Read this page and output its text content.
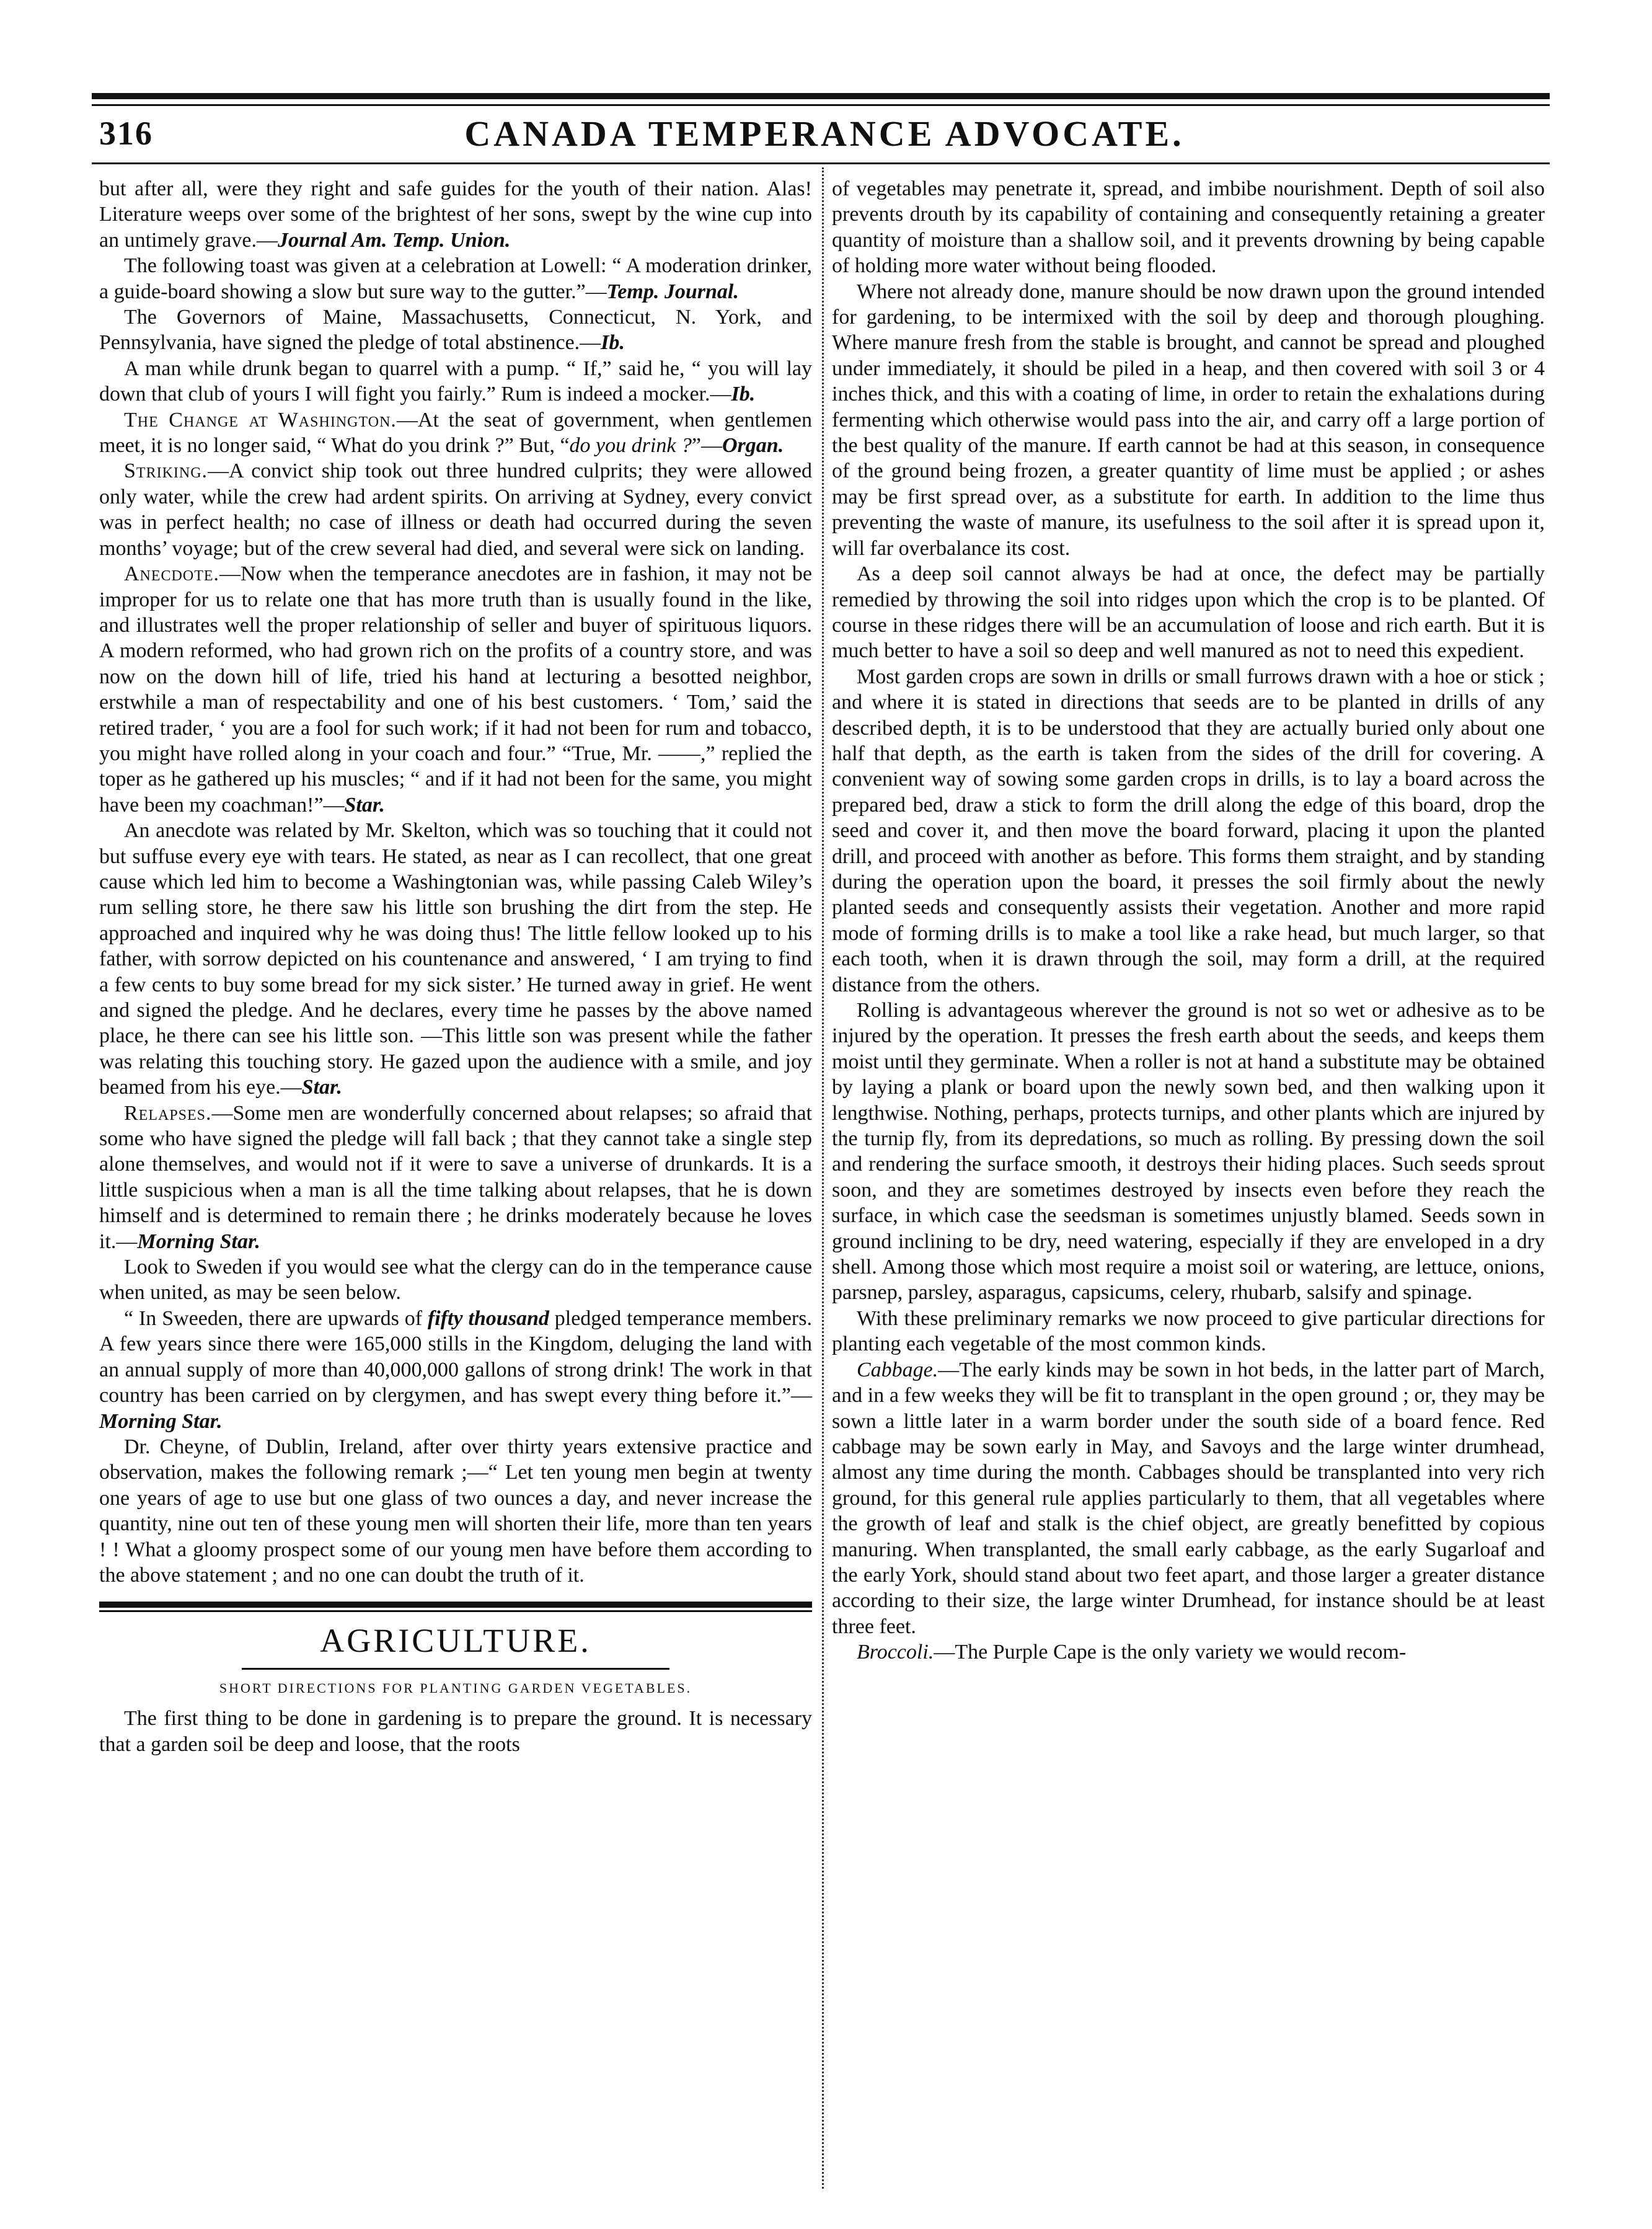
316	CANADA TEMPERANCE ADVOCATE.

but after all, were they right and safe guides for the youth of their nation. Alas! Literature weeps over some of the brightest of her sons, swept by the wine cup into an untimely grave.—Journal Am. Temp. Union.

The following toast was given at a celebration at Lowell: “ A moderation drinker, a guide-board showing a slow but sure way to the gutter.”—Temp. Journal.

The Governors of Maine, Massachusetts, Connecticut, N. York, and Pennsylvania, have signed the pledge of total abstinence.—Ib.

A man while drunk began to quarrel with a pump. “ If,” said he, “ you will lay down that club of yours I will fight you fairly.” Rum is indeed a mocker.—Ib.

The Change at Washington.—At the seat of government, when gentlemen meet, it is no longer said, “ What do you drink ?” But, “do you drink ?”—Organ.

Striking.—A convict ship took out three hundred culprits; they were allowed only water, while the crew had ardent spirits. On arriving at Sydney, every convict was in perfect health; no case of illness or death had occurred during the seven months’ voyage; but of the crew several had died, and several were sick on landing.

Anecdote.—Now when the temperance anecdotes are in fashion, it may not be improper for us to relate one that has more truth than is usually found in the like, and illustrates well the proper relationship of seller and buyer of spirituous liquors. A modern reformed, who had grown rich on the profits of a country store, and was now on the down hill of life, tried his hand at lecturing a besotted neighbor, erstwhile a man of respectability and one of his best customers. ‘ Tom,’ said the retired trader, ‘ you are a fool for such work; if it had not been for rum and tobacco, you might have rolled along in your coach and four.” “True, Mr. ——,” replied the toper as he gathered up his muscles; “ and if it had not been for the same, you might have been my coachman!”—Star.

An anecdote was related by Mr. Skelton, which was so touching that it could not but suffuse every eye with tears. He stated, as near as I can recollect, that one great cause which led him to become a Washingtonian was, while passing Caleb Wiley’s rum selling store, he there saw his little son brushing the dirt from the step. He approached and inquired why he was doing thus! The little fellow looked up to his father, with sorrow depicted on his countenance and answered, ‘ I am trying to find a few cents to buy some bread for my sick sister.’ He turned away in grief. He went and signed the pledge. And he declares, every time he passes by the above named place, he there can see his little son. —This little son was present while the father was relating this touching story. He gazed upon the audience with a smile, and joy beamed from his eye.—Star.

Relapses.—Some men are wonderfully concerned about relapses; so afraid that some who have signed the pledge will fall back ; that they cannot take a single step alone themselves, and would not if it were to save a universe of drunkards. It is a little suspicious when a man is all the time talking about relapses, that he is down himself and is determined to remain there ; he drinks moderately because he loves it.—Morning Star.

Look to Sweden if you would see what the clergy can do in the temperance cause when united, as may be seen below.

“ In Sweeden, there are upwards of fifty thousand pledged temperance members. A few years since there were 165,000 stills in the Kingdom, deluging the land with an annual supply of more than 40,000,000 gallons of strong drink! The work in that country has been carried on by clergymen, and has swept every thing before it.”—Morning Star.

Dr. Cheyne, of Dublin, Ireland, after over thirty years extensive practice and observation, makes the following remark ;—“ Let ten young men begin at twenty one years of age to use but one glass of two ounces a day, and never increase the quantity, nine out ten of these young men will shorten their life, more than ten years ! ! What a gloomy prospect some of our young men have before them according to the above statement ; and no one can doubt the truth of it.

AGRICULTURE.
SHORT DIRECTIONS FOR PLANTING GARDEN VEGETABLES.

The first thing to be done in gardening is to prepare the ground. It is necessary that a garden soil be deep and loose, that the roots

of vegetables may penetrate it, spread, and imbibe nourishment. Depth of soil also prevents drouth by its capability of containing and consequently retaining a greater quantity of moisture than a shallow soil, and it prevents drowning by being capable of holding more water without being flooded.

Where not already done, manure should be now drawn upon the ground intended for gardening, to be intermixed with the soil by deep and thorough ploughing. Where manure fresh from the stable is brought, and cannot be spread and ploughed under immediately, it should be piled in a heap, and then covered with soil 3 or 4 inches thick, and this with a coating of lime, in order to retain the exhalations during fermenting which otherwise would pass into the air, and carry off a large portion of the best quality of the manure. If earth cannot be had at this season, in consequence of the ground being frozen, a greater quantity of lime must be applied ; or ashes may be first spread over, as a substitute for earth. In addition to the lime thus preventing the waste of manure, its usefulness to the soil after it is spread upon it, will far overbalance its cost.

As a deep soil cannot always be had at once, the defect may be partially remedied by throwing the soil into ridges upon which the crop is to be planted. Of course in these ridges there will be an accumulation of loose and rich earth. But it is much better to have a soil so deep and well manured as not to need this expedient.

Most garden crops are sown in drills or small furrows drawn with a hoe or stick ; and where it is stated in directions that seeds are to be planted in drills of any described depth, it is to be understood that they are actually buried only about one half that depth, as the earth is taken from the sides of the drill for covering. A convenient way of sowing some garden crops in drills, is to lay a board across the prepared bed, draw a stick to form the drill along the edge of this board, drop the seed and cover it, and then move the board forward, placing it upon the planted drill, and proceed with another as before. This forms them straight, and by standing during the operation upon the board, it presses the soil firmly about the newly planted seeds and consequently assists their vegetation. Another and more rapid mode of forming drills is to make a tool like a rake head, but much larger, so that each tooth, when it is drawn through the soil, may form a drill, at the required distance from the others.

Rolling is advantageous wherever the ground is not so wet or adhesive as to be injured by the operation. It presses the fresh earth about the seeds, and keeps them moist until they germinate. When a roller is not at hand a substitute may be obtained by laying a plank or board upon the newly sown bed, and then walking upon it lengthwise. Nothing, perhaps, protects turnips, and other plants which are injured by the turnip fly, from its depredations, so much as rolling. By pressing down the soil and rendering the surface smooth, it destroys their hiding places. Such seeds sprout soon, and they are sometimes destroyed by insects even before they reach the surface, in which case the seedsman is sometimes unjustly blamed. Seeds sown in ground inclining to be dry, need watering, especially if they are enveloped in a dry shell. Among those which most require a moist soil or watering, are lettuce, onions, parsnep, parsley, asparagus, capsicums, celery, rhubarb, salsify and spinage.

With these preliminary remarks we now proceed to give particular directions for planting each vegetable of the most common kinds.

Cabbage.—The early kinds may be sown in hot beds, in the latter part of March, and in a few weeks they will be fit to transplant in the open ground ; or, they may be sown a little later in a warm border under the south side of a board fence. Red cabbage may be sown early in May, and Savoys and the large winter drumhead, almost any time during the month. Cabbages should be transplanted into very rich ground, for this general rule applies particularly to them, that all vegetables where the growth of leaf and stalk is the chief object, are greatly benefitted by copious manuring. When transplanted, the small early cabbage, as the early Sugarloaf and the early York, should stand about two feet apart, and those larger a greater distance according to their size, the large winter Drumhead, for instance should be at least three feet.

Broccoli.—The Purple Cape is the only variety we would recom-
